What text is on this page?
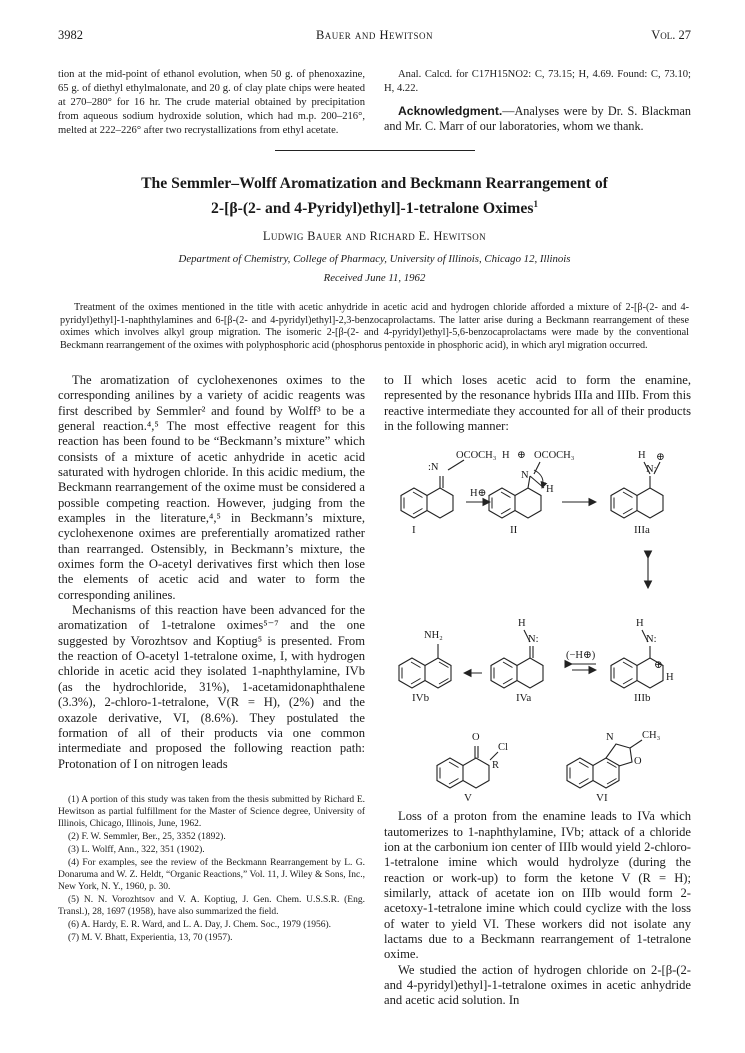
3982	Bauer and Hewitson	Vol. 27

tion at the mid-point of ethanol evolution, when 50 g. of phenoxazine, 65 g. of diethyl ethylmalonate, and 20 g. of clay plate chips were heated at 270–280° for 16 hr. The crude material obtained by precipitation from aqueous sodium hydroxide solution, which had m.p. 200–216°, melted at 222–226° after two recrystallizations from ethyl acetate.

Anal. Calcd. for C17H15NO2: C, 73.15; H, 4.69. Found: C, 73.10; H, 4.22.

Acknowledgment.—Analyses were by Dr. S. Blackman and Mr. C. Marr of our laboratories, whom we thank.

The Semmler–Wolff Aromatization and Beckmann Rearrangement of
2-[β-(2- and 4-Pyridyl)ethyl]-1-tetralone Oximes$^1$
Ludwig Bauer and Richard E. Hewitson
Department of Chemistry, College of Pharmacy, University of Illinois, Chicago 12, Illinois
Received June 11, 1962
Treatment of the oximes mentioned in the title with acetic anhydride in acetic acid and hydrogen chloride afforded a mixture of 2-[β-(2- and 4-pyridyl)ethyl]-1-naphthylamines and 6-[β-(2- and 4-pyridyl)ethyl]-2,3-benzocaprolactams. The latter arise during a Beckmann rearrangement of these oximes which involves alkyl group migration. The isomeric 2-[β-(2- and 4-pyridyl)ethyl]-5,6-benzocaprolactams were made by the conventional Beckmann rearrangement of the oximes with polyphosphoric acid (phosphorus pentoxide in phosphoric acid), in which aryl migration occurred.

The aromatization of cyclohexenones oximes to the corresponding anilines by a variety of acidic reagents was first described by Semmler² and found by Wolff³ to be a general reaction.⁴,⁵ The most effective reagent for this reaction has been found to be “Beckmann’s mixture” which consists of a mixture of acetic anhydride in acetic acid saturated with hydrogen chloride. In this acidic medium, the Beckmann rearrangement of the oxime must be considered a possible competing reaction. However, judging from the examples in the literature,⁴,⁵ in Beckmann’s mixture, cyclohexenone oximes are preferentially aromatized rather than rearranged. Ostensibly, in Beckmann’s mixture, the oximes form the O-acetyl derivatives first which then lose the elements of acetic acid and water to form the corresponding anilines.

Mechanisms of this reaction have been advanced for the aromatization of 1-tetralone oximes⁵⁻⁷ and the one suggested by Vorozhtsov and Koptiug⁵ is presented. From the reaction of O-acetyl 1-tetralone oxime, I, with hydrogen chloride in acetic acid they isolated 1-naphthylamine, IVb (as the hydrochloride, 31%), 1-acetamidonaphthalene (3.3%), 2-chloro-1-tetralone, V(R = H), (2%) and the oxazole derivative, VI, (8.6%). They postulated the formation of all of their products via one common intermediate and proposed the following reaction path: Protonation of I on nitrogen leads

(1) A portion of this study was taken from the thesis submitted by Richard E. Hewitson as partial fulfillment for the Master of Science degree, University of Illinois, Chicago, Illinois, June, 1962.

(2) F. W. Semmler, Ber., 25, 3352 (1892).

(3) L. Wolff, Ann., 322, 351 (1902).

(4) For examples, see the review of the Beckmann Rearrangement by L. G. Donaruma and W. Z. Heldt, “Organic Reactions,” Vol. 11, J. Wiley & Sons, Inc., New York, N. Y., 1960, p. 30.

(5) N. N. Vorozhtsov and V. A. Koptiug, J. Gen. Chem. U.S.S.R. (Eng. Transl.), 28, 1697 (1958), have also summarized the field.

(6) A. Hardy, E. R. Ward, and L. A. Day, J. Chem. Soc., 1979 (1956).

(7) M. V. Bhatt, Experientia, 13, 70 (1957).

to II which loses acetic acid to form the enamine, represented by the resonance hybrids IIIa and IIIb. From this reactive intermediate they accounted for all of their products in the following manner:

:N
OCOCH₃ H ⊕ OCOCH₃
N
H
H ⊕
N:
H⊕
NH₂
H
N:
(−H⊕)
H
N:
⊕
H
O
Cl
R
N	CH₃
O
I	II	IIIa
IIIb
IVa
IVb
V	VI

Loss of a proton from the enamine leads to IVa which tautomerizes to 1-naphthylamine, IVb; attack of a chloride ion at the carbonium ion center of IIIb would yield 2-chloro-1-tetralone imine which would hydrolyze (during the reaction or work-up) to form the ketone V (R = H); similarly, attack of acetate ion on IIIb would form 2-acetoxy-1-tetralone imine which could cyclize with the loss of water to yield VI. These workers did not isolate any lactams due to a Beckmann rearrangement of 1-tetralone oxime.

We studied the action of hydrogen chloride on 2-[β-(2- and 4-pyridyl)ethyl]-1-tetralone oximes in acetic anhydride and acetic acid solution. In
